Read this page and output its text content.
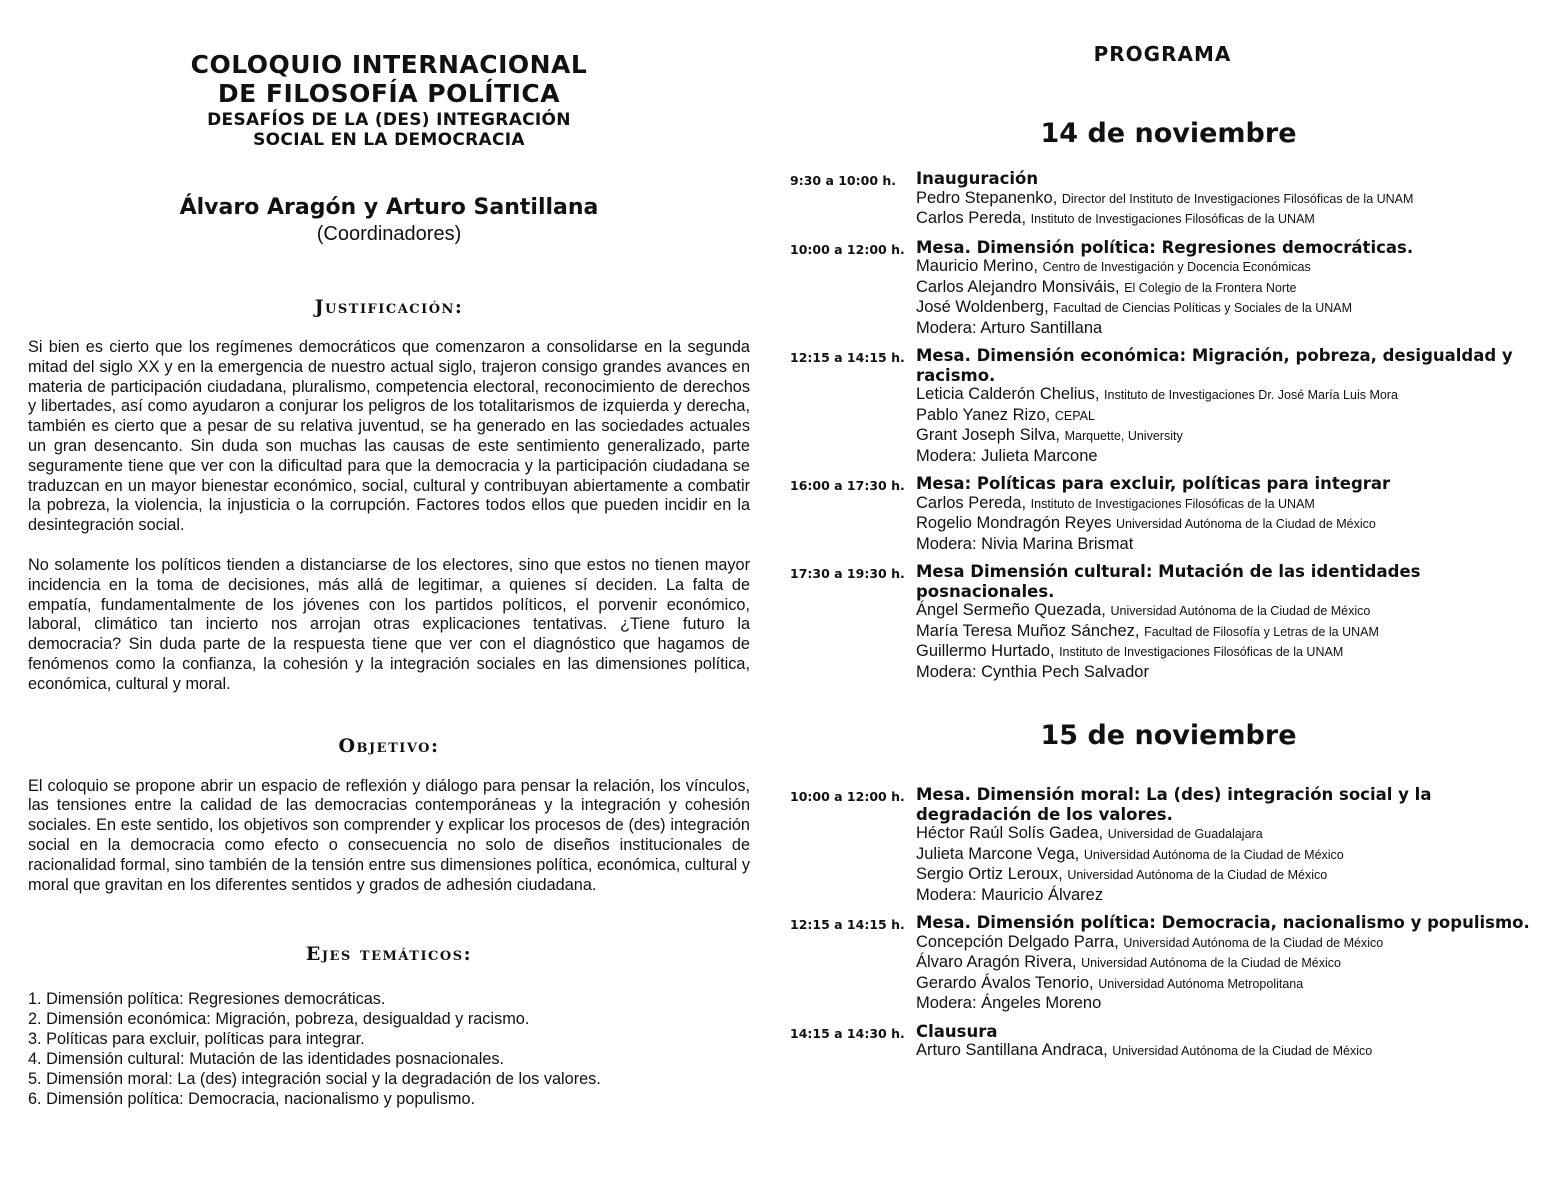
COLOQUIO INTERNACIONAL
DE FILOSOFÍA POLÍTICA
DESAFÍOS DE LA (DES) INTEGRACIÓN
SOCIAL EN LA DEMOCRACIA
Álvaro Aragón y Arturo Santillana
(Coordinadores)
Justificación:

Si bien es cierto que los regímenes democráticos que comenzaron a consolidarse en la segunda mitad del siglo XX y en la emergencia de nuestro actual siglo, trajeron consigo grandes avances en materia de participación ciudadana, pluralismo, competencia electoral, reconocimiento de derechos y libertades, así como ayudaron a conjurar los peligros de los totalitarismos de izquierda y derecha, también es cierto que a pesar de su relativa juventud, se ha generado en las sociedades actuales un gran desencanto. Sin duda son muchas las causas de este sentimiento generalizado, parte seguramente tiene que ver con la dificultad para que la democracia y la participación ciudadana se traduzcan en un mayor bienestar económico, social, cultural y contribuyan abiertamente a combatir la pobreza, la violencia, la injusticia o la corrupción. Factores todos ellos que pueden incidir en la desintegración social.

No solamente los políticos tienden a distanciarse de los electores, sino que estos no tienen mayor incidencia en la toma de decisiones, más allá de legitimar, a quienes sí deciden. La falta de empatía, fundamentalmente de los jóvenes con los partidos políticos, el porvenir económico, laboral, climático tan incierto nos arrojan otras explicaciones tentativas. ¿Tiene futuro la democracia? Sin duda parte de la respuesta tiene que ver con el diagnóstico que hagamos de fenómenos como la confianza, la cohesión y la integración sociales en las dimensiones política, económica, cultural y moral.

Objetivo:

El coloquio se propone abrir un espacio de reflexión y diálogo para pensar la relación, los vínculos, las tensiones entre la calidad de las democracias contemporáneas y la integración y cohesión sociales. En este sentido, los objetivos son comprender y explicar los procesos de (des) integración social en la democracia como efecto o consecuencia no solo de diseños institucionales de racionalidad formal, sino también de la tensión entre sus dimensiones política, económica, cultural y moral que gravitan en los diferentes sentidos y grados de adhesión ciudadana.

Ejes temáticos:
1. Dimensión política: Regresiones democráticas.
2. Dimensión económica: Migración, pobreza, desigualdad y racismo.
3. Políticas para excluir, políticas para integrar.
4. Dimensión cultural: Mutación de las identidades posnacionales.
5. Dimensión moral: La (des) integración social y la degradación de los valores.
6. Dimensión política: Democracia, nacionalismo y populismo.
PROGRAMA
14 de noviembre
9:30 a 10:00 h.	Inauguración
Pedro Stepanenko, Director del Instituto de Investigaciones Filosóficas de la UNAM
Carlos Pereda, Instituto de Investigaciones Filosóficas de la UNAM
10:00 a 12:00 h. Mesa. Dimensión política: Regresiones democráticas.
Mauricio Merino, Centro de Investigación y Docencia Económicas
Carlos Alejandro Monsiváis, El Colegio de la Frontera Norte
José Woldenberg, Facultad de Ciencias Políticas y Sociales de la UNAM
Modera: Arturo Santillana
12:15 a 14:15 h. Mesa. Dimensión económica: Migración, pobreza, desigualdad y racismo.
Leticia Calderón Chelius, Instituto de Investigaciones Dr. José María Luis Mora
Pablo Yanez Rizo, CEPAL
Grant Joseph Silva, Marquette, University
Modera: Julieta Marcone
16:00 a 17:30 h. Mesa: Políticas para excluir, políticas para integrar
Carlos Pereda, Instituto de Investigaciones Filosóficas de la UNAM
Rogelio Mondragón Reyes Universidad Autónoma de la Ciudad de México
Modera: Nivia Marina Brismat
17:30 a 19:30 h. Mesa Dimensión cultural: Mutación de las identidades posnacionales.
Ángel Sermeño Quezada, Universidad Autónoma de la Ciudad de México
María Teresa Muñoz Sánchez, Facultad de Filosofía y Letras de la UNAM
Guillermo Hurtado, Instituto de Investigaciones Filosóficas de la UNAM
Modera: Cynthia Pech Salvador
15 de noviembre
10:00 a 12:00 h. Mesa. Dimensión moral: La (des) integración social y la degradación de los valores.
Héctor Raúl Solís Gadea, Universidad de Guadalajara
Julieta Marcone Vega, Universidad Autónoma de la Ciudad de México
Sergio Ortiz Leroux, Universidad Autónoma de la Ciudad de México
Modera: Mauricio Álvarez
12:15 a 14:15 h. Mesa. Dimensión política: Democracia, nacionalismo y populismo.
Concepción Delgado Parra, Universidad Autónoma de la Ciudad de México
Álvaro Aragón Rivera, Universidad Autónoma de la Ciudad de México
Gerardo Ávalos Tenorio, Universidad Autónoma Metropolitana
Modera: Ángeles Moreno
14:15 a 14:30 h. Clausura
Arturo Santillana Andraca, Universidad Autónoma de la Ciudad de México
